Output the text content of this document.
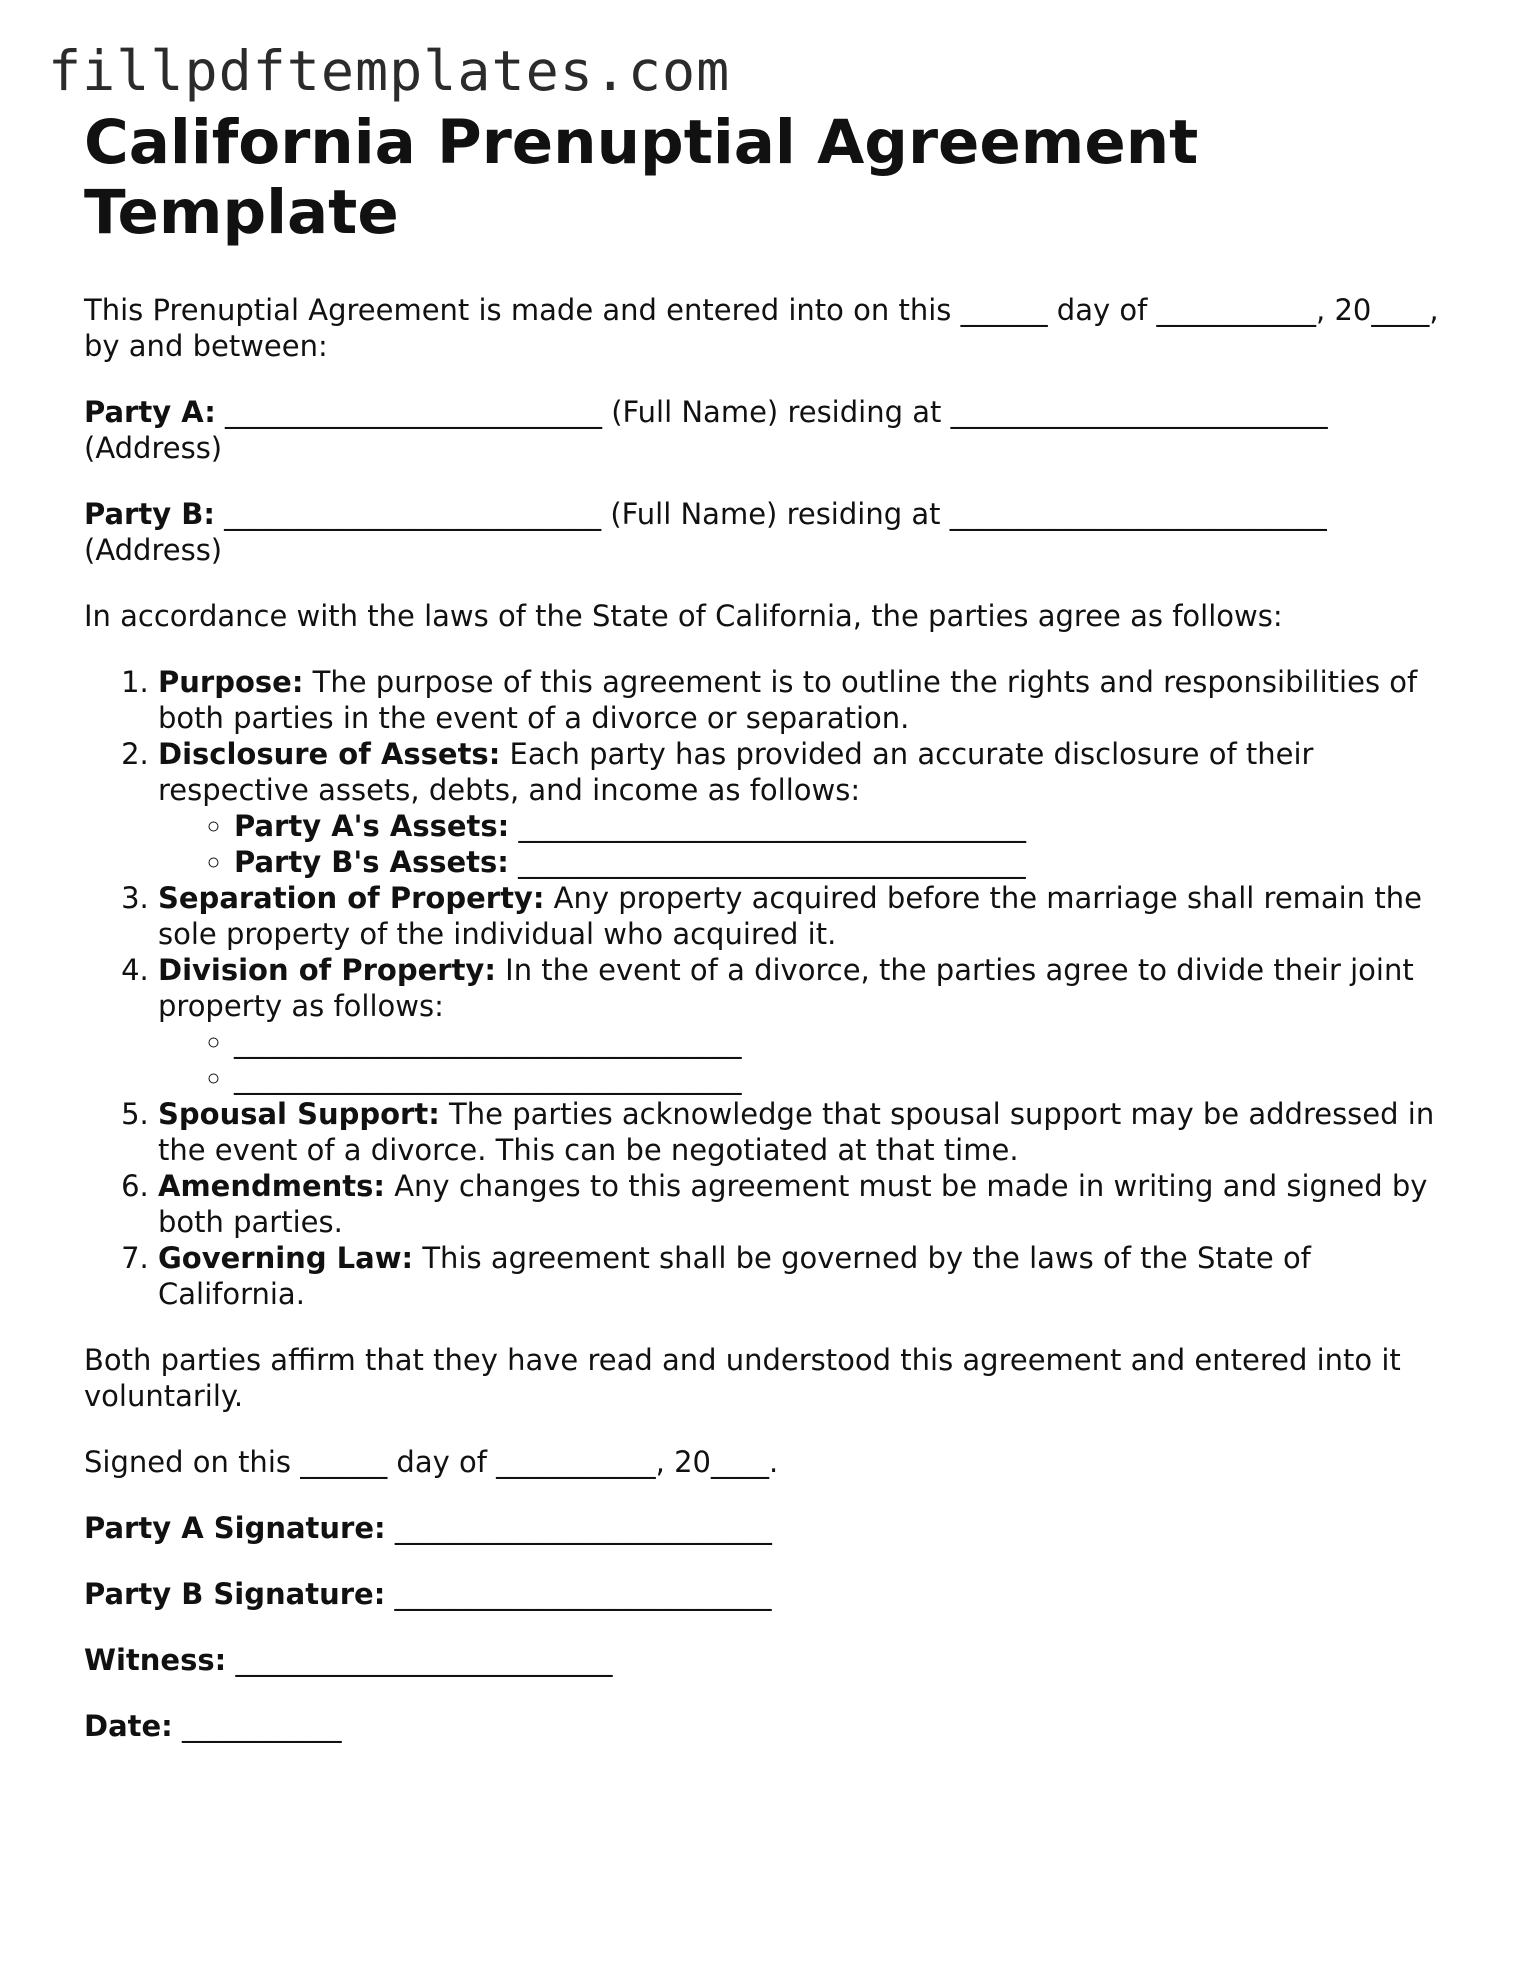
fillpdftemplates.com
California Prenuptial Agreement Template

This Prenuptial Agreement is made and entered into on this ______ day of ___________, 20____, by and between:

Party A: __________________________ (Full Name) residing at __________________________ (Address)

Party B: __________________________ (Full Name) residing at __________________________ (Address)

In accordance with the laws of the State of California, the parties agree as follows:

1. Purpose: The purpose of this agreement is to outline the rights and responsibilities of both parties in the event of a divorce or separation.
2. Disclosure of Assets: Each party has provided an accurate disclosure of their respective assets, debts, and income as follows:
◦ Party A's Assets: ___________________________________
◦ Party B's Assets: ___________________________________
3. Separation of Property: Any property acquired before the marriage shall remain the sole property of the individual who acquired it.
4. Division of Property: In the event of a divorce, the parties agree to divide their joint property as follows:
◦ ___________________________________
◦ ___________________________________
5. Spousal Support: The parties acknowledge that spousal support may be addressed in the event of a divorce. This can be negotiated at that time.
6. Amendments: Any changes to this agreement must be made in writing and signed by both parties.
7. Governing Law: This agreement shall be governed by the laws of the State of California.

Both parties affirm that they have read and understood this agreement and entered into it voluntarily.

Signed on this ______ day of ___________, 20____.

Party A Signature: __________________________

Party B Signature: __________________________

Witness: __________________________

Date: ___________
